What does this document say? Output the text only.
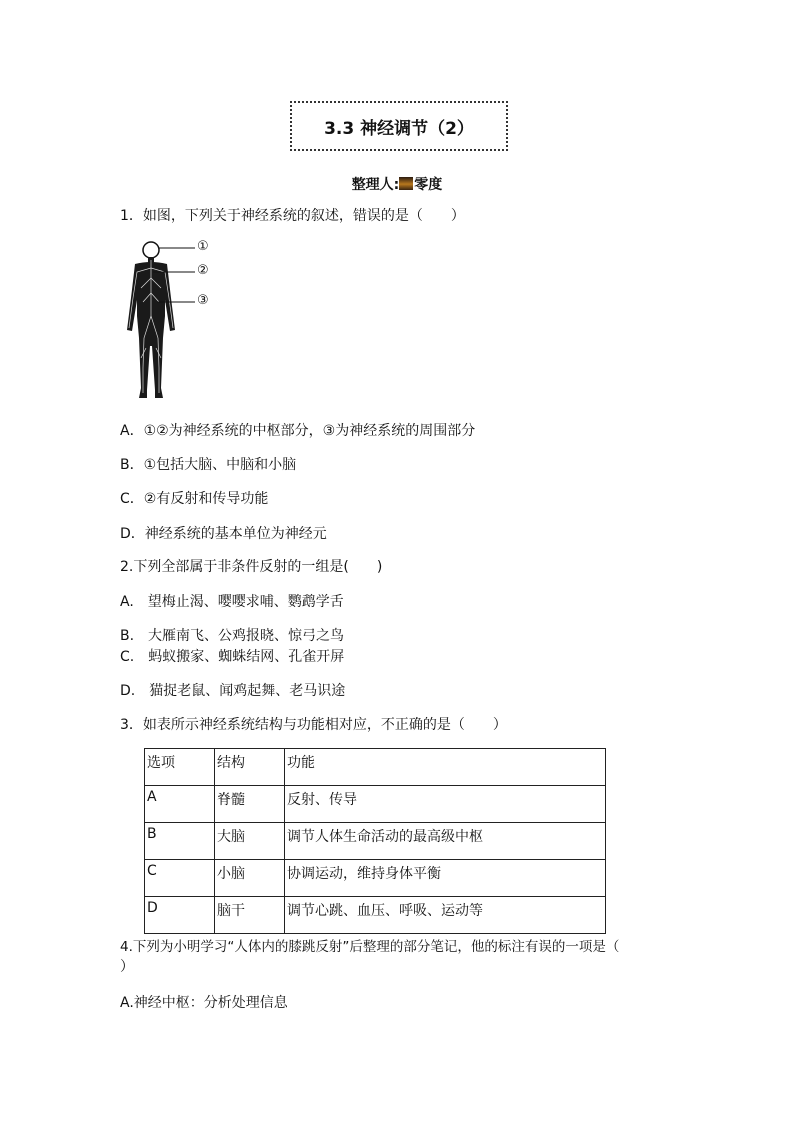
3.3 神经调节（2）
整理人: 零度
1．如图，下列关于神经系统的叙述，错误的是（　　）
①
②
③
A．①②为神经系统的中枢部分，③为神经系统的周围部分
B．①包括大脑、中脑和小脑
C．②有反射和传导功能
D．神经系统的基本单位为神经元
2.下列全部属于非条件反射的一组是(　　)
A.　望梅止渴、嘤嘤求哺、鹦鹉学舌
B.　大雁南飞、公鸡报晓、惊弓之鸟
C.　蚂蚁搬家、蜘蛛结网、孔雀开屏
D.　猫捉老鼠、闻鸡起舞、老马识途
3．如表所示神经系统结构与功能相对应，不正确的是（　　）
选项	结构	功能
A	脊髓	反射、传导
B	大脑	调节人体生命活动的最高级中枢
C	小脑	协调运动，维持身体平衡
D	脑干	调节心跳、血压、呼吸、运动等
4.下列为小明学习“人体内的膝跳反射”后整理的部分笔记，他的标注有误的一项是（
）
A.神经中枢：分析处理信息
